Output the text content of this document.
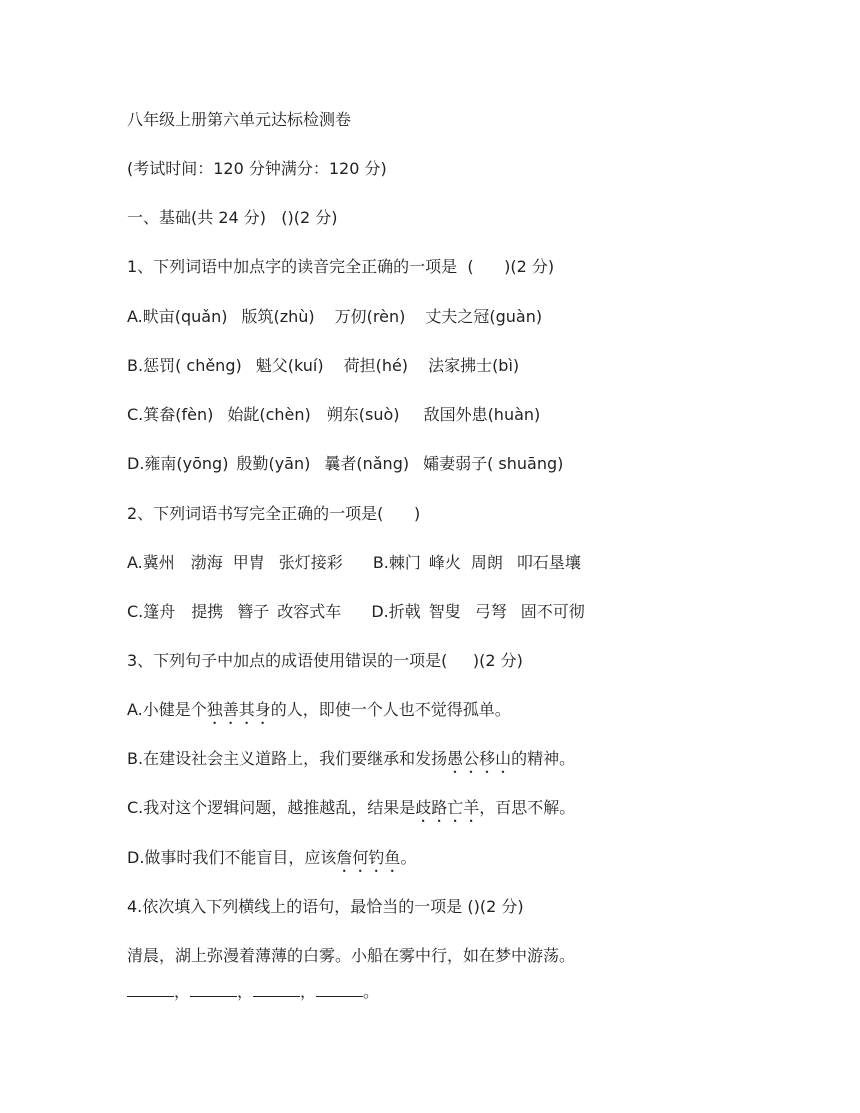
八年级上册第六单元达标检测卷

(考试时间：120 分钟满分：120 分)

一、基础(共 24 分)   ()(2 分)

1、下列词语中加点字的读音完全正确的一项是  (      )(2 分)

A.畎亩(quǎn) 版筑(zhù) 万仞(rèn) 丈夫之冠(guàn)

B.惩罚( chěng) 魁父(kuí) 荷担(hé) 法家拂士(bì)

C.箕畚(fèn) 始龀(chèn) 朔东(suò) 敌国外患(huàn)

D.雍南(yōng) 殷勤(yān) 曩者(nǎng) 孀妻弱子( shuāng)

2、下列词语书写完全正确的一项是(      )

A.冀州 渤海 甲胄 张灯接彩 B.棘门 峰火 周朗 叩石垦壤

C.篷舟 提携 簪子 改容式车 D.折戟 智叟 弓弩 固不可彻

3、下列句子中加点的成语使用错误的一项是(     )(2 分)

A.小健是个独善其身的人，即使一个人也不觉得孤单。

B.在建设社会主义道路上，我们要继承和发扬愚公移山的精神。

C.我对这个逻辑问题，越推越乱，结果是歧路亡羊，百思不解。

D.做事时我们不能盲目，应该詹何钓鱼。

4.依次填入下列横线上的语句，最恰当的一项是 ()(2 分)

清晨，湖上弥漫着薄薄的白雾。小船在雾中行，如在梦中游荡。

，	，	，	。
